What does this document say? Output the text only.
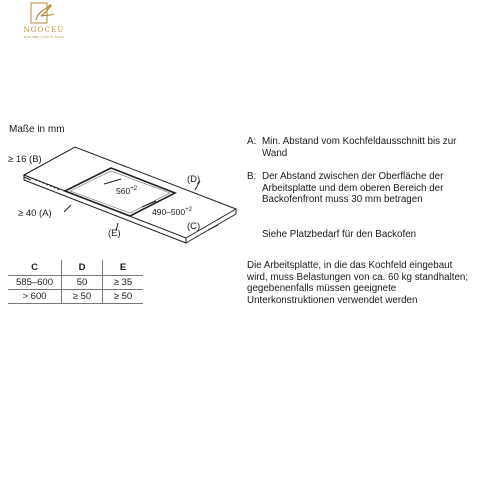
NGOCEU
NHÀ BẾP THÔNG MINH
Maße in mm
≥ 16 (B)
≥ 40 (A)
$560^{+2}$
$490-500^{+2}$
(D)
(E)
(C)
C	D	E
585–600	50	≥ 35
> 600	≥ 50	≥ 50
A: Min. Abstand vom Kochfeldausschnitt bis zur Wand
B: Der Abstand zwischen der Oberfläche der Arbeitsplatte und dem oberen Bereich der Backofenfront muss 30 mm betragen
Siehe Platzbedarf für den Backofen
Die Arbeitsplatte, in die das Kochfeld eingebaut wird, muss Belastungen von ca. 60 kg standhalten; gegebenenfalls müssen geeignete Unterkonstruktionen verwendet werden
